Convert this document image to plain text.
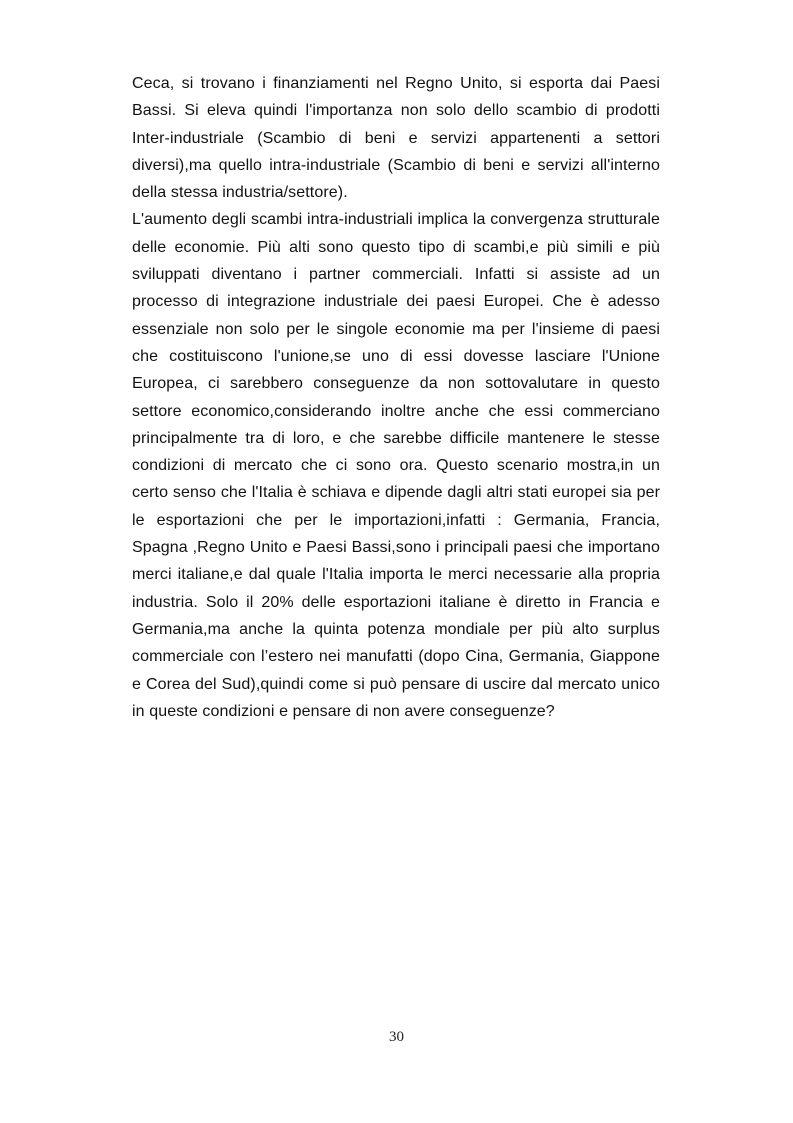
Ceca, si trovano i finanziamenti nel Regno Unito, si esporta dai Paesi Bassi. Si eleva quindi l'importanza non solo dello scambio di prodotti Inter-industriale (Scambio di beni e servizi appartenenti a settori diversi),ma quello intra-industriale (Scambio di beni e servizi all'interno della stessa industria/settore).

L'aumento degli scambi intra-industriali implica la convergenza strutturale delle economie. Più alti sono questo tipo di scambi,e più simili e più sviluppati diventano i partner commerciali. Infatti si assiste ad un processo di integrazione industriale dei paesi Europei. Che è adesso essenziale non solo per le singole economie ma per l'insieme di paesi che costituiscono l'unione,se uno di essi dovesse lasciare l'Unione Europea, ci sarebbero conseguenze da non sottovalutare in questo settore economico,considerando inoltre anche che essi commerciano principalmente tra di loro, e che sarebbe difficile mantenere le stesse condizioni di mercato che ci sono ora. Questo scenario mostra,in un certo senso che l'Italia è schiava e dipende dagli altri stati europei sia per le esportazioni che per le importazioni,infatti : Germania, Francia, Spagna ,Regno Unito e Paesi Bassi,sono i principali paesi che importano merci italiane,e dal quale l'Italia importa le merci necessarie alla propria industria. Solo il 20% delle esportazioni italiane è diretto in Francia e Germania,ma anche la quinta potenza mondiale per più alto surplus commerciale con l’estero nei manufatti (dopo Cina, Germania, Giappone e Corea del Sud),quindi come si può pensare di uscire dal mercato unico in queste condizioni e pensare di non avere conseguenze?

30
